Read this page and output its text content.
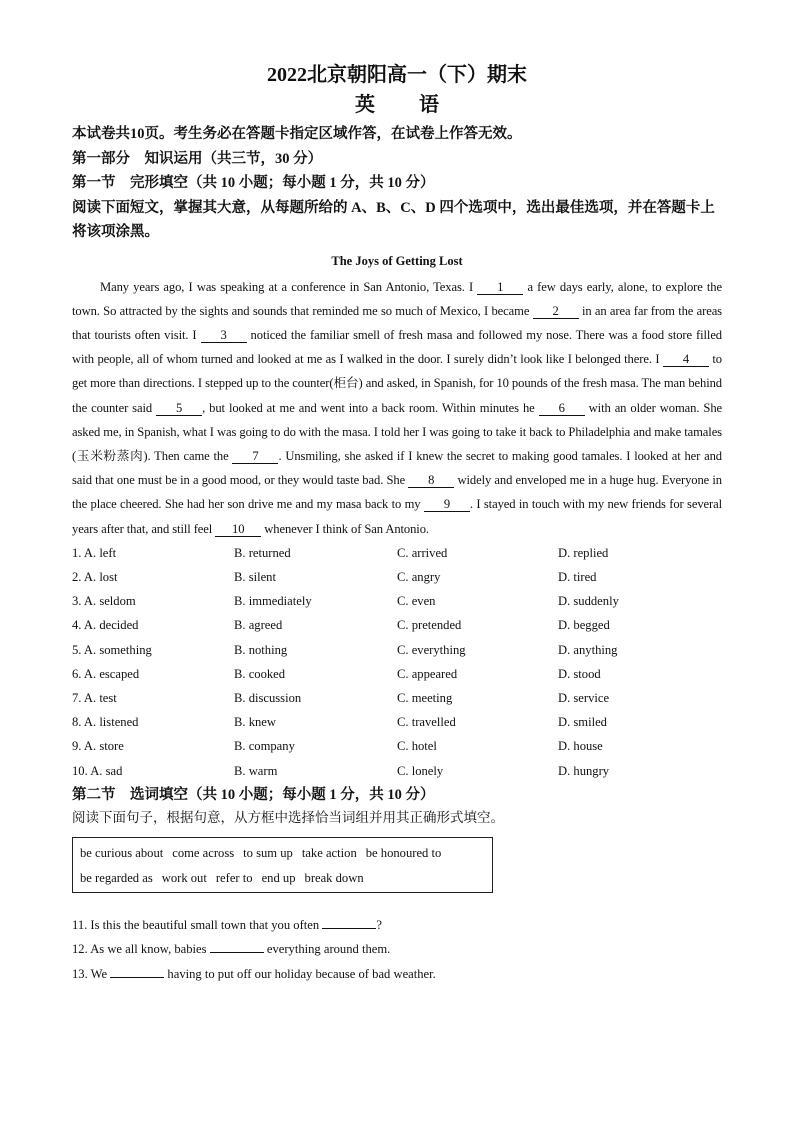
2022北京朝阳高一（下）期末
英 语
本试卷共10页。考生务必在答题卡指定区域作答，在试卷上作答无效。
第一部分　知识运用（共三节，30 分）
第一节　完形填空（共 10 小题；每小题 1 分，共 10 分）
阅读下面短文，掌握其大意，从每题所给的 A、B、C、D 四个选项中，选出最佳选项，并在答题卡上将该项涂黑。
The Joys of Getting Lost
Many years ago, I was speaking at a conference in San Antonio, Texas. I 1 a few days early, alone, to explore the town. So attracted by the sights and sounds that reminded me so much of Mexico, I became 2 in an area far from the areas that tourists often visit. I 3 noticed the familiar smell of fresh masa and followed my nose. There was a food store filled with people, all of whom turned and looked at me as I walked in the door. I surely didn’t look like I belonged there. I 4 to get more than directions. I stepped up to the counter(柜台) and asked, in Spanish, for 10 pounds of the fresh masa. The man behind the counter said 5 , but looked at me and went into a back room. Within minutes he 6 with an older woman. She asked me, in Spanish, what I was going to do with the masa. I told her I was going to take it back to Philadelphia and make tamales (玉米粉蒸肉). Then came the 7 . Unsmiling, she asked if I knew the secret to making good tamales. I looked at her and said that one must be in a good mood, or they would taste bad. She 8 widely and enveloped me in a huge hug. Everyone in the place cheered. She had her son drive me and my masa back to my 9 . I stayed in touch with my new friends for several years after that, and still feel 10 whenever I think of San Antonio.
1. A. left	B. returned	C. arrived	D. replied
2. A. lost	B. silent	C. angry	D. tired
3. A. seldom	B. immediately	C. even	D. suddenly
4. A. decided	B. agreed	C. pretended	D. begged
5. A. something	B. nothing	C. everything	D. anything
6. A. escaped	B. cooked	C. appeared	D. stood
7. A. test	B. discussion	C. meeting	D. service
8. A. listened	B. knew	C. travelled	D. smiled
9. A. store	B. company	C. hotel	D. house
10. A. sad	B. warm	C. lonely	D. hungry
第二节　选词填空（共 10 小题；每小题 1 分，共 10 分）
阅读下面句子，根据句意，从方框中选择恰当词组并用其正确形式填空。
be curious about come across to sum up take action be honoured to
be regarded as work out refer to end up break down
11. Is this the beautiful small town that you often	?
12. As we all know, babies	everything around them.
13. We	having to put off our holiday because of bad weather.
